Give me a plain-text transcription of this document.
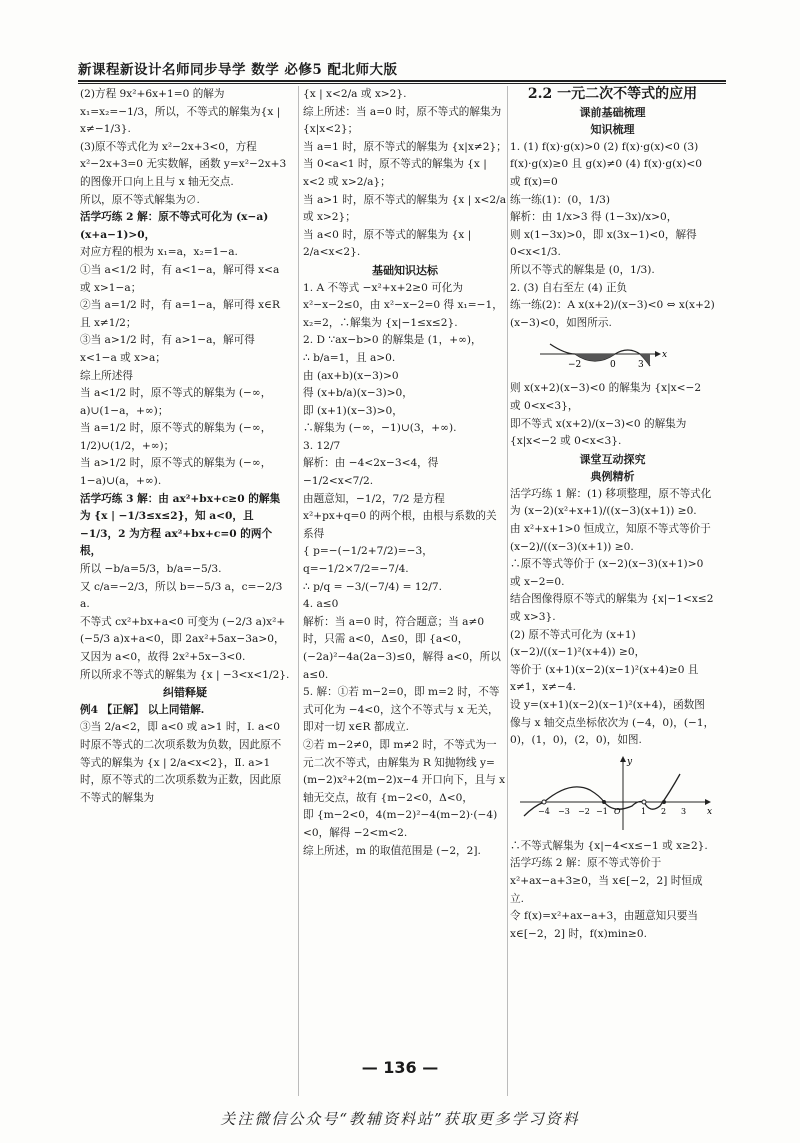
新课程新设计名师同步导学 数学 必修5 配北师大版

(2)方程 9x²+6x+1=0 的解为 x₁=x₂=−1/3，所以，不等式的解集为{x | x≠−1/3}.

(3)原不等式化为 x²−2x+3<0，方程 x²−2x+3=0 无实数解，函数 y=x²−2x+3 的图像开口向上且与 x 轴无交点.

所以，原不等式解集为∅.

活学巧练 2 解：原不等式可化为 (x−a)(x+a−1)>0，

对应方程的根为 x₁=a，x₂=1−a.

①当 a<1/2 时，有 a<1−a，解可得 x<a 或 x>1−a；

②当 a=1/2 时，有 a=1−a，解可得 x∈R 且 x≠1/2；

③当 a>1/2 时，有 a>1−a，解可得 x<1−a 或 x>a；

综上所述得

当 a<1/2 时，原不等式的解集为 (−∞，a)∪(1−a，+∞)；

当 a=1/2 时，原不等式的解集为 (−∞，1/2)∪(1/2，+∞)；

当 a>1/2 时，原不等式的解集为 (−∞，1−a)∪(a，+∞).

活学巧练 3 解：由 ax²+bx+c≥0 的解集为 {x | −1/3≤x≤2}，知 a<0，且 −1/3，2 为方程 ax²+bx+c=0 的两个根，

所以 −b/a=5/3，b/a=−5/3.

又 c/a=−2/3，所以 b=−5/3 a，c=−2/3 a.

不等式 cx²+bx+a<0 可变为 (−2/3 a)x²+(−5/3 a)x+a<0，即 2ax²+5ax−3a>0，又因为 a<0，故得 2x²+5x−3<0.

所以所求不等式的解集为 {x | −3<x<1/2}.

纠错释疑

例4 【正解】 以上同错解.

③当 2/a<2，即 a<0 或 a>1 时，Ⅰ. a<0 时原不等式的二次项系数为负数，因此原不等式的解集为 {x | 2/a<x<2}，Ⅱ. a>1 时，原不等式的二次项系数为正数，因此原不等式的解集为

{x | x<2/a 或 x>2}.

综上所述：当 a=0 时，原不等式的解集为 {x|x<2}；

当 a=1 时，原不等式的解集为 {x|x≠2}；

当 0<a<1 时，原不等式的解集为 {x | x<2 或 x>2/a}；

当 a>1 时，原不等式的解集为 {x | x<2/a 或 x>2}；

当 a<0 时，原不等式的解集为 {x | 2/a<x<2}.

基础知识达标

1. A 不等式 −x²+x+2≥0 可化为 x²−x−2≤0，由 x²−x−2=0 得 x₁=−1，x₂=2，∴解集为 {x|−1≤x≤2}.

2. D ∵ax−b>0 的解集是 (1，+∞)，

∴ b/a=1，且 a>0.

由 (ax+b)(x−3)>0

得 (x+b/a)(x−3)>0，

即 (x+1)(x−3)>0，

∴解集为 (−∞，−1)∪(3，+∞).

3. 12/7

解析：由 −4<2x−3<4，得 −1/2<x<7/2.

由题意知，−1/2，7/2 是方程 x²+px+q=0 的两个根，由根与系数的关系得

{ p=−(−1/2+7/2)=−3， q=−1/2×7/2=−7/4.

∴ p/q = −3/(−7/4) = 12/7.

4. a≤0

解析：当 a=0 时，符合题意；当 a≠0 时，只需 a<0，Δ≤0，即 {a<0，(−2a)²−4a(2a−3)≤0，解得 a<0，所以 a≤0.

5. 解：①若 m−2=0，即 m=2 时，不等式可化为 −4<0，这个不等式与 x 无关，即对一切 x∈R 都成立.

②若 m−2≠0，即 m≠2 时，不等式为一元二次不等式，由解集为 R 知抛物线 y=(m−2)x²+2(m−2)x−4 开口向下，且与 x 轴无交点，故有 {m−2<0，Δ<0，

即 {m−2<0，4(m−2)²−4(m−2)·(−4)<0，解得 −2<m<2.

综上所述，m 的取值范围是 (−2，2].

2.2 一元二次不等式的应用

课前基础梳理

知识梳理

1. (1) f(x)·g(x)>0 (2) f(x)·g(x)<0 (3) f(x)·g(x)≥0 且 g(x)≠0 (4) f(x)·g(x)<0 或 f(x)=0

练一练(1)：(0，1/3)

解析：由 1/x>3 得 (1−3x)/x>0，

则 x(1−3x)>0，即 x(3x−1)<0，解得 0<x<1/3.

所以不等式的解集是 (0，1/3).

2. (3) 自右至左 (4) 正负

练一练(2)：A x(x+2)/(x−3)<0 ⇔ x(x+2)(x−3)<0，如图所示.

−2	0 3
x

则 x(x+2)(x−3)<0 的解集为 {x|x<−2 或 0<x<3}，

即不等式 x(x+2)/(x−3)<0 的解集为 {x|x<−2 或 0<x<3}.

课堂互动探究

典例精析

活学巧练 1 解：(1) 移项整理，原不等式化为 (x−2)(x²+x+1)/((x−3)(x+1)) ≥0.

由 x²+x+1>0 恒成立，知原不等式等价于 (x−2)/((x−3)(x+1)) ≥0.

∴原不等式等价于 (x−2)(x−3)(x+1)>0 或 x−2=0.

结合图像得原不等式的解集为 {x|−1<x≤2 或 x>3}.

(2) 原不等式可化为 (x+1)(x−2)/((x−1)²(x+4)) ≥0，

等价于 (x+1)(x−2)(x−1)²(x+4)≥0 且 x≠1，x≠−4.

设 y=(x+1)(x−2)(x−1)²(x+4)，函数图像与 x 轴交点坐标依次为 (−4，0)，(−1，0)，(1，0)，(2，0)，如图.

y
−4 −3 −2 −1 O	1 2 3 x

∴不等式解集为 {x|−4<x≤−1 或 x≥2}.

活学巧练 2 解：原不等式等价于 x²+ax−a+3≥0，当 x∈[−2，2] 时恒成立.

令 f(x)=x²+ax−a+3，由题意知只要当 x∈[−2，2] 时，f(x)min≥0.

— 136 —
关注微信公众号“教辅资料站”获取更多学习资料
